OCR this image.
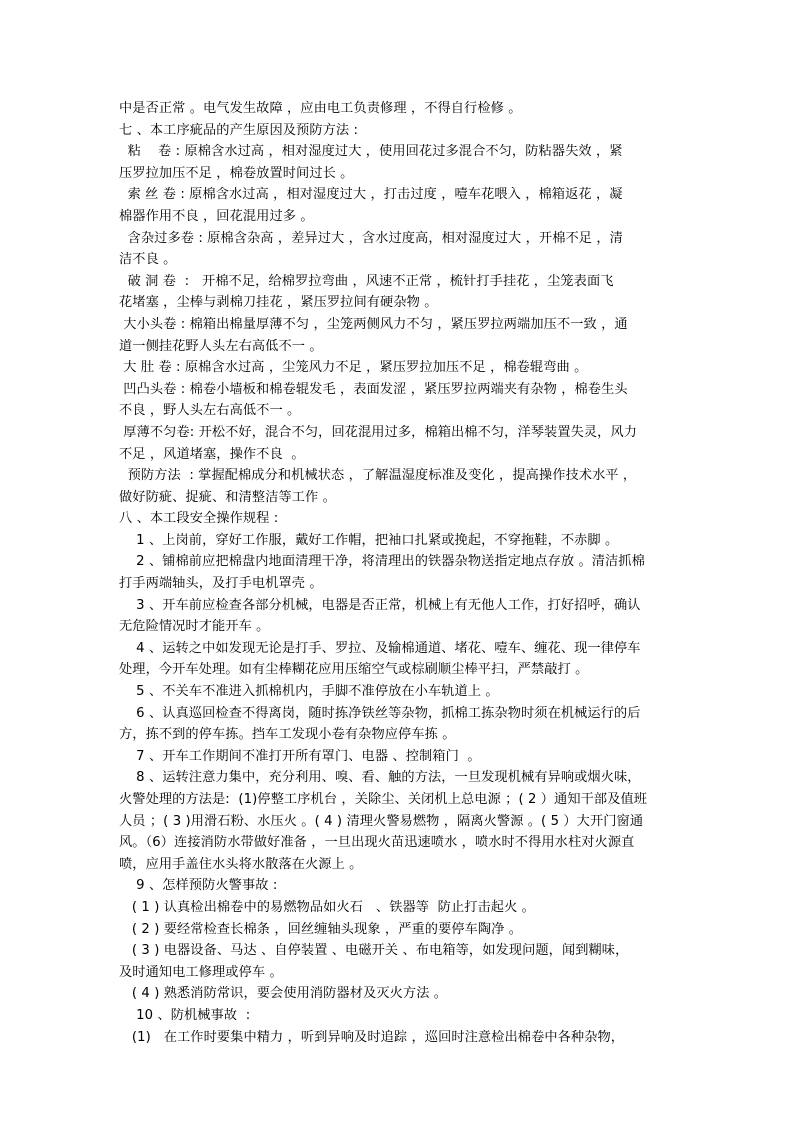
中是否正常 。电气发生故障 ，应由电工负责修理 ，不得自行检修 。
七 、本工序疵品的产生原因及预防方法 :
粘    卷 : 原棉含水过高 ，相对湿度过大 ，使用回花过多混合不匀，防粘器失效 ，紧
压罗拉加压不足 ，棉卷放置时间过长 。
索 丝 卷 : 原棉含水过高 ，相对湿度过大 ，打击过度 ，噎车花喂入 ，棉箱返花 ，凝
棉器作用不良 ，回花混用过多 。
含杂过多卷 : 原棉含杂高 ，差异过大 ，含水过度高，相对湿度过大 ，开棉不足 ，清
洁不良 。
破 洞 卷  :   开棉不足，给棉罗拉弯曲 ，风速不正常 ，梳针打手挂花 ，尘笼表面飞
花堵塞 ，尘棒与剥棉刀挂花 ，紧压罗拉间有硬杂物 。
大小头卷 : 棉箱出棉量厚薄不匀 ，尘笼两侧风力不匀 ，紧压罗拉两端加压不一致 ，通
道一侧挂花野人头左右高低不一 。
大 肚 卷 : 原棉含水过高 ，尘笼风力不足 ，紧压罗拉加压不足 ，棉卷辊弯曲 。
凹凸头卷 : 棉卷小墙板和棉卷辊发毛 ，表面发涩 ，紧压罗拉两端夹有杂物 ，棉卷生头
不良 ，野人头左右高低不一 。
厚薄不匀卷: 开松不好，混合不匀，回花混用过多，棉箱出棉不匀，洋琴装置失灵，风力
不足 ，风道堵塞，操作不良  。
预防方法  : 掌握配棉成分和机械状态 ，了解温湿度标准及变化 ，提高操作技术水平 ，
做好防疵、捉疵、和清整洁等工作 。
八 、本工段安全操作规程 :
1 、上岗前，穿好工作服，戴好工作帽，把袖口扎紧或挽起，不穿拖鞋，不赤脚 。
2 、铺棉前应把棉盘内地面清理干净，将清理出的铁器杂物送指定地点存放 。清洁抓棉
打手两端轴头，及打手电机罩壳 。
3 、开车前应检查各部分机械，电器是否正常，机械上有无他人工作，打好招呼，确认
无危险情况时才能开车 。
4 、运转之中如发现无论是打手、罗拉、及输棉通道、堵花、噎车、缠花、现一律停车
处理，今开车处理。如有尘棒糊花应用压缩空气或棕刷顺尘棒平扫，严禁敲打 。
5 、不关车不准进入抓棉机内，手脚不准停放在小车轨道上 。
6 、认真巡回检查不得离岗，随时拣净铁丝等杂物，抓棉工拣杂物时须在机械运行的后
方，拣不到的停车拣。挡车工发现小卷有杂物应停车拣 。
7 、开车工作期间不准打开所有罩门、电器 、控制箱门  。
8 、运转注意力集中，充分利用、嗅、看、触的方法，一旦发现机械有异响或烟火味，
火警处理的方法是:  (1)停整工序机台 ，关除尘、关闭机上总电源 ；( 2 ）通知干部及值班
人员 ；( 3 )用滑石粉、水压火 。( 4 ) 清理火警易燃物 ，隔离火警源 。( 5 ）大开门窗通
风。（6）连接消防水带做好准备 ，一旦出现火苗迅速喷水 ，喷水时不得用水柱对火源直
喷，应用手盖住水头将水散落在火源上 。
9 、怎样预防火警事故 :
( 1 ) 认真检出棉卷中的易燃物品如火石   、铁器等  防止打击起火 。
( 2 ) 要经常检查长棉条 ，回丝缠轴头现象 ，严重的要停车陶净 。
( 3 ) 电器设备、马达 、自停装置 、电磁开关 、布电箱等，如发现问题，闻到糊味，
及时通知电工修理或停车 。
( 4 ) 熟悉消防常识，要会使用消防器材及灭火方法 。
10 、防机械事故  :
(1)   在工作时要集中精力 ，听到异响及时追踪 ，巡回时注意检出棉卷中各种杂物，
